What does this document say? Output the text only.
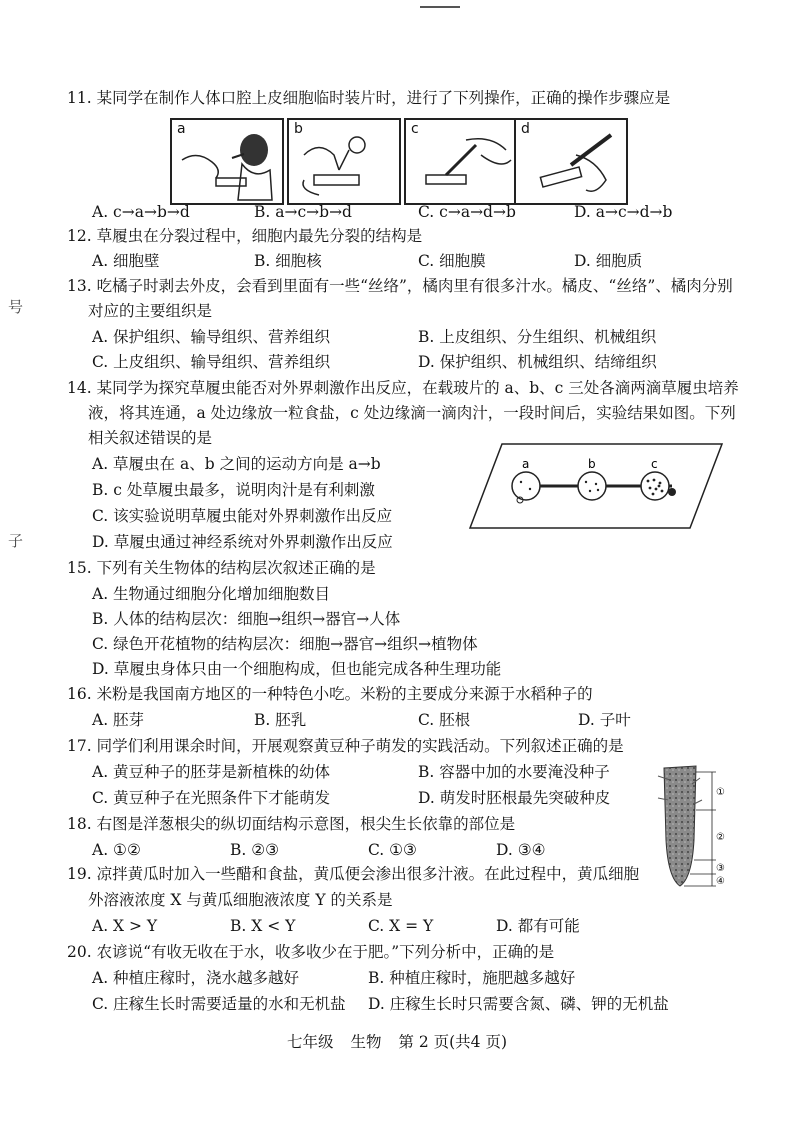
号
子
11. 某同学在制作人体口腔上皮细胞临时装片时，进行了下列操作，正确的操作步骤应是
a	b	c	d
A. c→a→b→d	B. a→c→b→d	C. c→a→d→b	D. a→c→d→b
12. 草履虫在分裂过程中，细胞内最先分裂的结构是
A. 细胞壁	B. 细胞核	C. 细胞膜	D. 细胞质
13. 吃橘子时剥去外皮，会看到里面有一些“丝络”，橘肉里有很多汁水。橘皮、“丝络”、橘肉分别
对应的主要组织是
A. 保护组织、输导组织、营养组织	B. 上皮组织、分生组织、机械组织
C. 上皮组织、输导组织、营养组织	D. 保护组织、机械组织、结缔组织
14. 某同学为探究草履虫能否对外界刺激作出反应，在载玻片的 a、b、c 三处各滴两滴草履虫培养
液，将其连通，a 处边缘放一粒食盐，c 处边缘滴一滴肉汁，一段时间后，实验结果如图。下列
相关叙述错误的是
a	b	c
A. 草履虫在 a、b 之间的运动方向是 a→b
B. c 处草履虫最多，说明肉汁是有利刺激
C. 该实验说明草履虫能对外界刺激作出反应
D. 草履虫通过神经系统对外界刺激作出反应
15. 下列有关生物体的结构层次叙述正确的是
A. 生物通过细胞分化增加细胞数目
B. 人体的结构层次：细胞→组织→器官→人体
C. 绿色开花植物的结构层次：细胞→器官→组织→植物体
D. 草履虫身体只由一个细胞构成，但也能完成各种生理功能
16. 米粉是我国南方地区的一种特色小吃。米粉的主要成分来源于水稻种子的
A. 胚芽	B. 胚乳	C. 胚根	D. 子叶
17. 同学们利用课余时间，开展观察黄豆种子萌发的实践活动。下列叙述正确的是
A. 黄豆种子的胚芽是新植株的幼体	B. 容器中加的水要淹没种子
C. 黄豆种子在光照条件下才能萌发	D. 萌发时胚根最先突破种皮	①
②
③
④
18. 右图是洋葱根尖的纵切面结构示意图，根尖生长依靠的部位是
A. ①②	B. ②③	C. ①③	D. ③④
19. 凉拌黄瓜时加入一些醋和食盐，黄瓜便会渗出很多汁液。在此过程中，黄瓜细胞
外溶液浓度 X 与黄瓜细胞液浓度 Y 的关系是
A. X > Y	B. X < Y	C. X = Y	D. 都有可能
20. 农谚说“有收无收在于水，收多收少在于肥。”下列分析中，正确的是
A. 种植庄稼时，浇水越多越好	B. 种植庄稼时，施肥越多越好
C. 庄稼生长时需要适量的水和无机盐 D. 庄稼生长时只需要含氮、磷、钾的无机盐
七年级 生物 第 2 页(共4 页)
